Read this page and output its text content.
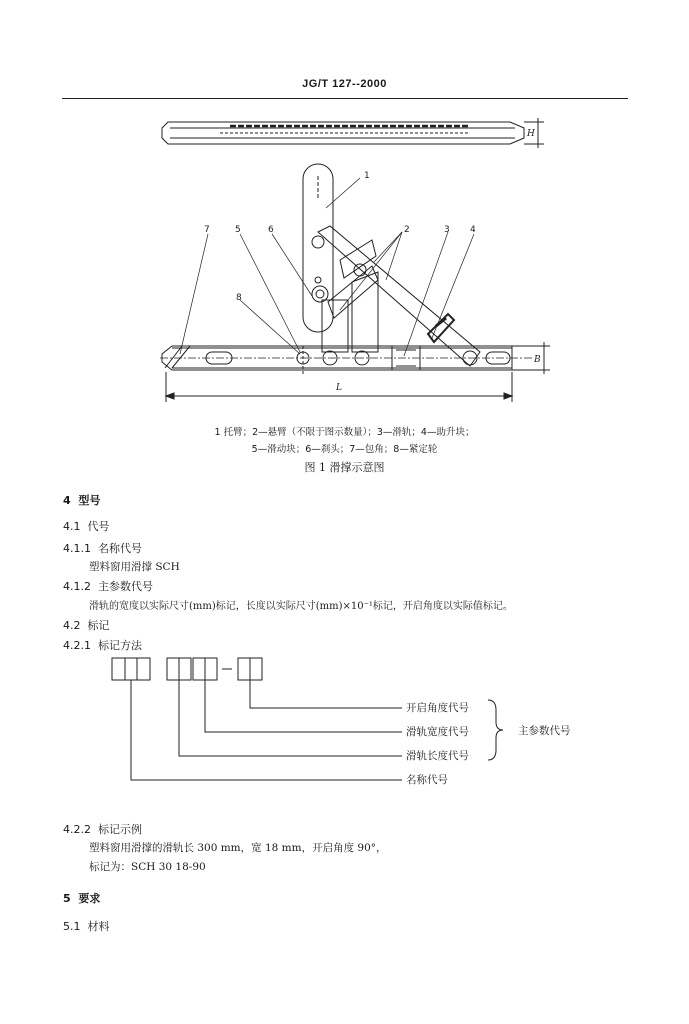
JG/T 127--2000
1
2	3 4
5	6
7
8
H
B
L
1 托臂；2—悬臂（不限于图示数量）；3—滑轨；4—助升块；
5—滑动块；6—刹头；7—包角；8—紧定轮
图 1 滑撑示意图
4 型号
4.1 代号
4.1.1 名称代号
塑料窗用滑撑 SCH
4.1.2 主参数代号
滑轨的宽度以实际尺寸(mm)标记，长度以实际尺寸(mm)×10⁻¹标记，开启角度以实际值标记。
4.2 标记
4.2.1 标记方法
开启角度代号
滑轨宽度代号
滑轨长度代号
名称代号
主参数代号
4.2.2 标记示例
塑料窗用滑撑的滑轨长 300 mm，宽 18 mm，开启角度 90°，
标记为：SCH 30 18-90
5 要求
5.1 材料
